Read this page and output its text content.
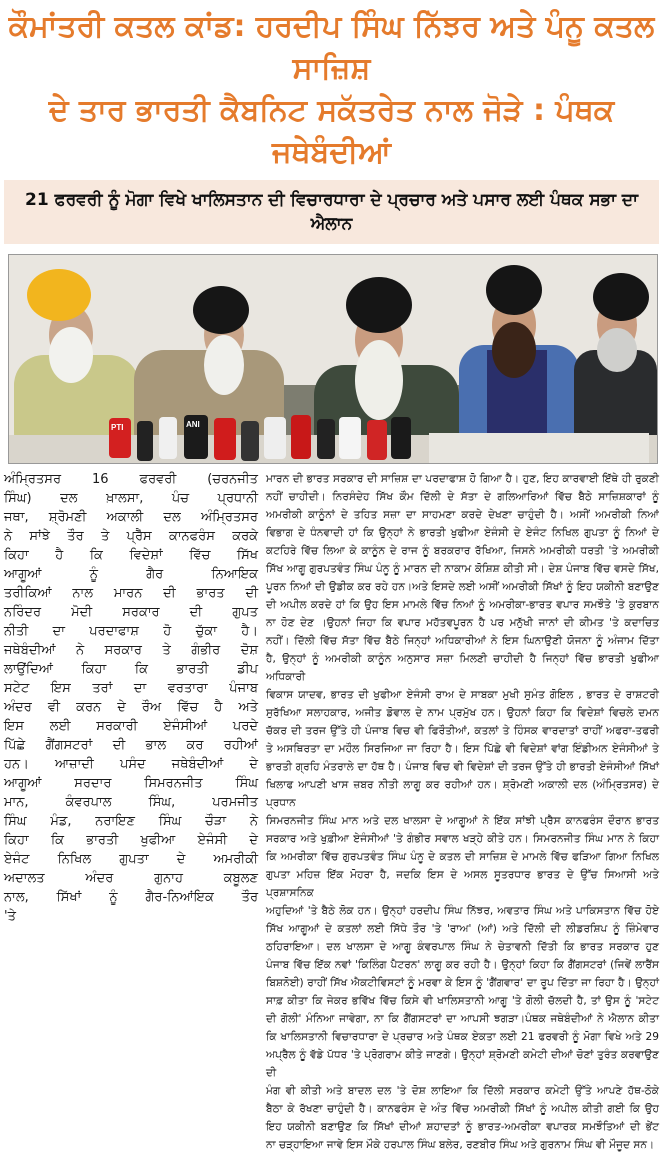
ਕੌਮਾਂਤਰੀ ਕਤਲ ਕਾਂਡ: ਹਰਦੀਪ ਸਿੰਘ ਨਿੱਝਰ ਅਤੇ ਪੰਨੂ ਕਤਲ ਸਾਜ਼ਿਸ਼
ਦੇ ਤਾਰ ਭਾਰਤੀ ਕੈਬਨਿਟ ਸਕੱਤਰੇਤ ਨਾਲ ਜੋੜੇ : ਪੰਥਕ ਜਥੇਬੰਦੀਆਂ
21 ਫਰਵਰੀ ਨੂੰ ਮੋਗਾ ਵਿਖੇ ਖਾਲਿਸਤਾਨ ਦੀ ਵਿਚਾਰਧਾਰਾ ਦੇ ਪ੍ਰਚਾਰ ਅਤੇ ਪਸਾਰ ਲਈ ਪੰਥਕ ਸਭਾ ਦਾ ਐਲਾਨ
PTI	ANI
ਅੰਮ੍ਰਿਤਸਰ 16 ਫਰਵਰੀ (ਚਰਨਜੀਤ
ਸਿੰਘ) ਦਲ ਖ਼ਾਲਸਾ, ਪੰਚ ਪ੍ਰਧਾਨੀ
ਜਥਾ, ਸ਼੍ਰੋਮਣੀ ਅਕਾਲੀ ਦਲ ਅੰਮ੍ਰਿਤਸਰ
ਨੇ ਸਾਂਝੇ ਤੌਰ ਤੇ ਪ੍ਰੈੱਸ ਕਾਨਫਰੰਸ ਕਰਕੇ
ਕਿਹਾ ਹੈ ਕਿ ਵਿਦੇਸ਼ਾਂ ਵਿੱਚ ਸਿੱਖ
ਆਗੂਆਂ ਨੂੰ ਗੈਰ ਨਿਆਇਕ
ਤਰੀਕਿਆਂ ਨਾਲ ਮਾਰਨ ਦੀ ਭਾਰਤ ਦੀ
ਨਰਿੰਦਰ ਮੋਦੀ ਸਰਕਾਰ ਦੀ ਗੁਪਤ
ਨੀਤੀ ਦਾ ਪਰਦਾਫਾਸ਼ ਹੋ ਚੁੱਕਾ ਹੈ।
ਜਥੇਬੰਦੀਆਂ ਨੇ ਸਰਕਾਰ ਤੇ ਗੰਭੀਰ ਦੋਸ਼
ਲਾਉਂਦਿਆਂ ਕਿਹਾ ਕਿ ਭਾਰਤੀ ਡੀਪ
ਸਟੇਟ ਇਸ ਤਰਾਂ ਦਾ ਵਰਤਾਰਾ ਪੰਜਾਬ
ਅੰਦਰ ਵੀ ਕਰਨ ਦੇ ਰੌਅ ਵਿੱਚ ਹੈ ਅਤੇ
ਇਸ ਲਈ ਸਰਕਾਰੀ ਏਜੰਸੀਆਂ ਪਰਦੇ
ਪਿੱਛੇ ਗੈਂਗਸਟਰਾਂ ਦੀ ਭਾਲ ਕਰ ਰਹੀਆਂ
ਹਨ। ਆਜ਼ਾਦੀ ਪਸੰਦ ਜਥੇਬੰਦੀਆਂ ਦੇ
ਆਗੂਆਂ ਸਰਦਾਰ ਸਿਮਰਨਜੀਤ ਸਿੰਘ
ਮਾਨ, ਕੰਵਰਪਾਲ ਸਿੰਘ, ਪਰਮਜੀਤ
ਸਿੰਘ ਮੰਡ, ਨਰਾਇਣ ਸਿੰਘ ਚੌੜਾ ਨੇ
ਕਿਹਾ ਕਿ ਭਾਰਤੀ ਖੁਫੀਆ ਏਜੰਸੀ ਦੇ
ਏਜੰਟ ਨਿਖਿਲ ਗੁਪਤਾ ਦੇ ਅਮਰੀਕੀ
ਅਦਾਲਤ ਅੰਦਰ ਗੁਨਾਹ ਕਬੂਲਣ
ਨਾਲ, ਸਿੱਖਾਂ ਨੂੰ ਗੈਰ-ਨਿਆਂਇਕ ਤੌਰ
'ਤੇ
ਮਾਰਨ ਦੀ ਭਾਰਤ ਸਰਕਾਰ ਦੀ ਸਾਜ਼ਿਸ਼ ਦਾ ਪਰਦਾਫਾਸ਼ ਹੋ ਗਿਆ ਹੈ। ਹੁਣ, ਇਹ ਕਾਰਵਾਈ ਇੱਥੇ ਹੀ ਰੁਕਣੀ
ਨਹੀਂ ਚਾਹੀਦੀ। ਨਿਰਸੰਦੇਹ ਸਿੱਖ ਕੌਮ ਦਿੱਲੀ ਦੇ ਸੱਤਾ ਦੇ ਗਲਿਆਰਿਆਂ ਵਿੱਚ ਬੈਠੇ ਸਾਜ਼ਿਸ਼ਕਾਰਾਂ ਨੂੰ
ਅਮਰੀਕੀ ਕਾਨੂੰਨਾਂ ਦੇ ਤਹਿਤ ਸਜ਼ਾ ਦਾ ਸਾਹਮਣਾ ਕਰਦੇ ਦੇਖਣਾ ਚਾਹੁੰਦੀ ਹੈ। ਅਸੀਂ ਅਮਰੀਕੀ ਨਿਆਂ
ਵਿਭਾਗ ਦੇ ਧੰਨਵਾਦੀ ਹਾਂ ਕਿ ਉਨ੍ਹਾਂ ਨੇ ਭਾਰਤੀ ਖੁਫੀਆ ਏਜੰਸੀ ਦੇ ਏਜੰਟ ਨਿਖਿਲ ਗੁਪਤਾ ਨੂੰ ਨਿਆਂ ਦੇ
ਕਟਹਿਰੇ ਵਿੱਚ ਲਿਆ ਕੇ ਕਾਨੂੰਨ ਦੇ ਰਾਜ ਨੂੰ ਬਰਕਰਾਰ ਰੱਖਿਆ, ਜਿਸਨੇ ਅਮਰੀਕੀ ਧਰਤੀ 'ਤੇ ਅਮਰੀਕੀ
ਸਿੱਖ ਆਗੂ ਗੁਰਪਤਵੰਤ ਸਿੰਘ ਪੰਨੂ ਨੂੰ ਮਾਰਨ ਦੀ ਨਾਕਾਮ ਕੋਸ਼ਿਸ਼ ਕੀਤੀ ਸੀ। ਦੇਸ਼ ਪੰਜਾਬ ਵਿੱਚ ਵਸਦੇ ਸਿੱਖ,
ਪੂਰਨ ਨਿਆਂ ਦੀ ਉਡੀਕ ਕਰ ਰਹੇ ਹਨ।ਅਤੇ ਇਸਦੇ ਲਈ ਅਸੀਂ ਅਮਰੀਕੀ ਸਿੱਖਾਂ ਨੂੰ ਇਹ ਯਕੀਨੀ ਬਣਾਉਣ
ਦੀ ਅਪੀਲ ਕਰਦੇ ਹਾਂ ਕਿ ਉਹ ਇਸ ਮਾਮਲੇ ਵਿੱਚ ਨਿਆਂ ਨੂੰ ਅਮਰੀਕਾ-ਭਾਰਤ ਵਪਾਰ ਸਮਝੌਤੇ 'ਤੇ ਕੁਰਬਾਨ
ਨਾ ਹੋਣ ਦੇਣ ।ਉਹਨਾਂ ਜਿਹਾ ਕਿ ਵਪਾਰ ਮਹੱਤਵਪੂਰਨ ਹੈ ਪਰ ਮਨੁੱਖੀ ਜਾਨਾਂ ਦੀ ਕੀਮਤ 'ਤੇ ਕਦਾਚਿਤ
ਨਹੀਂ। ਦਿੱਲੀ ਵਿੱਚ ਸੱਤਾ ਵਿੱਚ ਬੈਠੇ ਜਿਨ੍ਹਾਂ ਅਧਿਕਾਰੀਆਂ ਨੇ ਇਸ ਘਿਨਾਉਣੀ ਯੋਜਨਾ ਨੂੰ ਅੰਜਾਮ ਦਿੱਤਾ
ਹੈ, ਉਨ੍ਹਾਂ ਨੂੰ ਅਮਰੀਕੀ ਕਾਨੂੰਨ ਅਨੁਸਾਰ ਸਜ਼ਾ ਮਿਲਣੀ ਚਾਹੀਦੀ ਹੈ ਜਿਨ੍ਹਾਂ ਵਿੱਚ ਭਾਰਤੀ ਖੁਫੀਆ ਅਧਿਕਾਰੀ
ਵਿਕਾਸ ਯਾਦਵ, ਭਾਰਤ ਦੀ ਖੁਫੀਆ ਏਜੰਸੀ ਰਾਅ ਦੇ ਸਾਬਕਾ ਮੁਖੀ ਸੁਮੰਤ ਗੋਇਲ , ਭਾਰਤ ਦੇ ਰਾਸ਼ਟਰੀ
ਸੁਰੱਖਿਆ ਸਲਾਹਕਾਰ, ਅਜੀਤ ਡੋਵਾਲ ਦੇ ਨਾਮ ਪ੍ਰਮੁੱਖ ਹਨ। ਉਹਨਾਂ ਕਿਹਾ ਕਿ ਵਿਦੇਸ਼ਾਂ ਵਿਚਲੇ ਦਮਨ
ਚੱਕਰ ਦੀ ਤਰਜ ਉੱਤੇ ਹੀ ਪੰਜਾਬ ਵਿਚ ਵੀ ਫਿਰੌਤੀਆਂ, ਕਤਲਾਂ ਤੇ ਹਿੰਸਕ ਵਾਰਦਾਤਾਂ ਰਾਹੀਂ ਅਫਰਾ-ਤਫਰੀ
ਤੇ ਅਸਥਿਰਤਾ ਦਾ ਮਹੌਲ ਸਿਰਜਿਆ ਜਾ ਰਿਹਾ ਹੈ। ਇਸ ਪਿੱਛੇ ਵੀ ਵਿਦੇਸ਼ਾਂ ਵਾਂਗ ਇੰਡੀਅਨ ਏਜੰਸੀਆਂ ਤੇ
ਭਾਰਤੀ ਗ੍ਰਹਿ ਮੰਤਰਾਲੇ ਦਾ ਹੱਥ ਹੈ। ਪੰਜਾਬ ਵਿਚ ਵੀ ਵਿਦੇਸ਼ਾਂ ਦੀ ਤਰਜ ਉੱਤੇ ਹੀ ਭਾਰਤੀ ਏਜੰਸੀਆਂ ਸਿੱਖਾਂ
ਖਿਲਾਫ ਆਪਣੀ ਖਾਸ ਜ਼ਬਰ ਨੀਤੀ ਲਾਗੂ ਕਰ ਰਹੀਆਂ ਹਨ। ਸ਼੍ਰੋਮਣੀ ਅਕਾਲੀ ਦਲ (ਅੰਮ੍ਰਿਤਸਰ) ਦੇ ਪ੍ਰਧਾਨ
ਸਿਮਰਨਜੀਤ ਸਿੰਘ ਮਾਨ ਅਤੇ ਦਲ ਖਾਲਸਾ ਦੇ ਆਗੂਆਂ ਨੇ ਇੱਕ ਸਾਂਝੀ ਪ੍ਰੈਸ ਕਾਨਫਰੰਸ ਦੌਰਾਨ ਭਾਰਤ
ਸਰਕਾਰ ਅਤੇ ਖੁਫ਼ੀਆ ਏਜੰਸੀਆਂ 'ਤੇ ਗੰਭੀਰ ਸਵਾਲ ਖੜ੍ਹੇ ਕੀਤੇ ਹਨ। ਸਿਮਰਨਜੀਤ ਸਿੰਘ ਮਾਨ ਨੇ ਕਿਹਾ
ਕਿ ਅਮਰੀਕਾ ਵਿੱਚ ਗੁਰਪਤਵੰਤ ਸਿੰਘ ਪੰਨੂ ਦੇ ਕਤਲ ਦੀ ਸਾਜ਼ਿਸ਼ ਦੇ ਮਾਮਲੇ ਵਿੱਚ ਫੜਿਆ ਗਿਆ ਨਿਖਿਲ
ਗੁਪਤਾ ਮਹਿਜ਼ ਇੱਕ ਮੋਹਰਾ ਹੈ, ਜਦਕਿ ਇਸ ਦੇ ਅਸਲ ਸੂਤਰਧਾਰ ਭਾਰਤ ਦੇ ਉੱਚ ਸਿਆਸੀ ਅਤੇ ਪ੍ਰਸ਼ਾਸਨਿਕ
ਅਹੁਦਿਆਂ 'ਤੇ ਬੈਠੇ ਲੋਕ ਹਨ। ਉਨ੍ਹਾਂ ਹਰਦੀਪ ਸਿੰਘ ਨਿੱਝਰ, ਅਵਤਾਰ ਸਿੰਘ ਅਤੇ ਪਾਕਿਸਤਾਨ ਵਿੱਚ ਹੋਏ
ਸਿੱਖ ਆਗੂਆਂ ਦੇ ਕਤਲਾਂ ਲਈ ਸਿੱਧੇ ਤੌਰ 'ਤੇ 'ਰਾਅ' (ਆਂ) ਅਤੇ ਦਿੱਲੀ ਦੀ ਲੀਡਰਸ਼ਿਪ ਨੂੰ ਜ਼ਿੰਮੇਵਾਰ
ਠਹਿਰਾਇਆ। ਦਲ ਖਾਲਸਾ ਦੇ ਆਗੂ ਕੰਵਰਪਾਲ ਸਿੰਘ ਨੇ ਚੇਤਾਵਨੀ ਦਿੱਤੀ ਕਿ ਭਾਰਤ ਸਰਕਾਰ ਹੁਣ
ਪੰਜਾਬ ਵਿੱਚ ਇੱਕ ਨਵਾਂ 'ਕਿਲਿੰਗ ਪੈਟਰਨ' ਲਾਗੂ ਕਰ ਰਹੀ ਹੈ। ਉਨ੍ਹਾਂ ਕਿਹਾ ਕਿ ਗੈਂਗਸਟਰਾਂ (ਜਿਵੇਂ ਲਾਰੈਂਸ
ਬਿਸ਼ਨੋਈ) ਰਾਹੀਂ ਸਿੱਖ ਐਕਟੀਵਿਸਟਾਂ ਨੂੰ ਮਰਵਾ ਕੇ ਇਸ ਨੂੰ 'ਗੈਂਗਵਾਰ' ਦਾ ਰੂਪ ਦਿੱਤਾ ਜਾ ਰਿਹਾ ਹੈ। ਉਨ੍ਹਾਂ
ਸਾਫ਼ ਕੀਤਾ ਕਿ ਜੇਕਰ ਭਵਿੱਖ ਵਿੱਚ ਕਿਸੇ ਵੀ ਖਾਲਿਸਤਾਨੀ ਆਗੂ 'ਤੇ ਗੋਲੀ ਚੱਲਦੀ ਹੈ, ਤਾਂ ਉਸ ਨੂੰ 'ਸਟੇਟ
ਦੀ ਗੋਲੀ' ਮੰਨਿਆ ਜਾਵੇਗਾ, ਨਾ ਕਿ ਗੈਂਗਸਟਰਾਂ ਦਾ ਆਪਸੀ ਝਗੜਾ।ਪੰਥਕ ਜਥੇਬੰਦੀਆਂ ਨੇ ਐਲਾਨ ਕੀਤਾ
ਕਿ ਖਾਲਿਸਤਾਨੀ ਵਿਚਾਰਧਾਰਾ ਦੇ ਪ੍ਰਚਾਰ ਅਤੇ ਪੰਥਕ ਏਕਤਾ ਲਈ 21 ਫਰਵਰੀ ਨੂੰ ਮੋਗਾ ਵਿਖੇ ਅਤੇ 29
ਅਪ੍ਰੈਲ ਨੂੰ ਵੱਡੇ ਪੱਧਰ 'ਤੇ ਪ੍ਰੋਗਰਾਮ ਕੀਤੇ ਜਾਣਗੇ। ਉਨ੍ਹਾਂ ਸ਼੍ਰੋਮਣੀ ਕਮੇਟੀ ਦੀਆਂ ਚੋਣਾਂ ਤੁਰੰਤ ਕਰਵਾਉਣ ਦੀ
ਮੰਗ ਵੀ ਕੀਤੀ ਅਤੇ ਬਾਦਲ ਦਲ 'ਤੇ ਦੋਸ਼ ਲਾਇਆ ਕਿ ਦਿੱਲੀ ਸਰਕਾਰ ਕਮੇਟੀ ਉੱਤੇ ਆਪਣੇ ਹੱਥ-ਠੋਕੇ
ਬੈਠਾ ਕੇ ਰੱਖਣਾ ਚਾਹੁੰਦੀ ਹੈ। ਕਾਨਫਰੰਸ ਦੇ ਅੰਤ ਵਿੱਚ ਅਮਰੀਕੀ ਸਿੱਖਾਂ ਨੂੰ ਅਪੀਲ ਕੀਤੀ ਗਈ ਕਿ ਉਹ
ਇਹ ਯਕੀਨੀ ਬਣਾਉਣ ਕਿ ਸਿੱਖਾਂ ਦੀਆਂ ਸ਼ਹਾਦਤਾਂ ਨੂੰ ਭਾਰਤ-ਅਮਰੀਕਾ ਵਪਾਰਕ ਸਮਝੌਤਿਆਂ ਦੀ ਭੇਂਟ
ਨਾ ਚੜ੍ਹਾਇਆ ਜਾਵੇ ਇਸ ਮੌਕੇ ਹਰਪਾਲ ਸਿੰਘ ਬਲੇਰ, ਰਣਬੀਰ ਸਿੰਘ ਅਤੇ ਗੁਰਨਾਮ ਸਿੰਘ ਵੀ ਮੌਜੂਦ ਸਨ।
